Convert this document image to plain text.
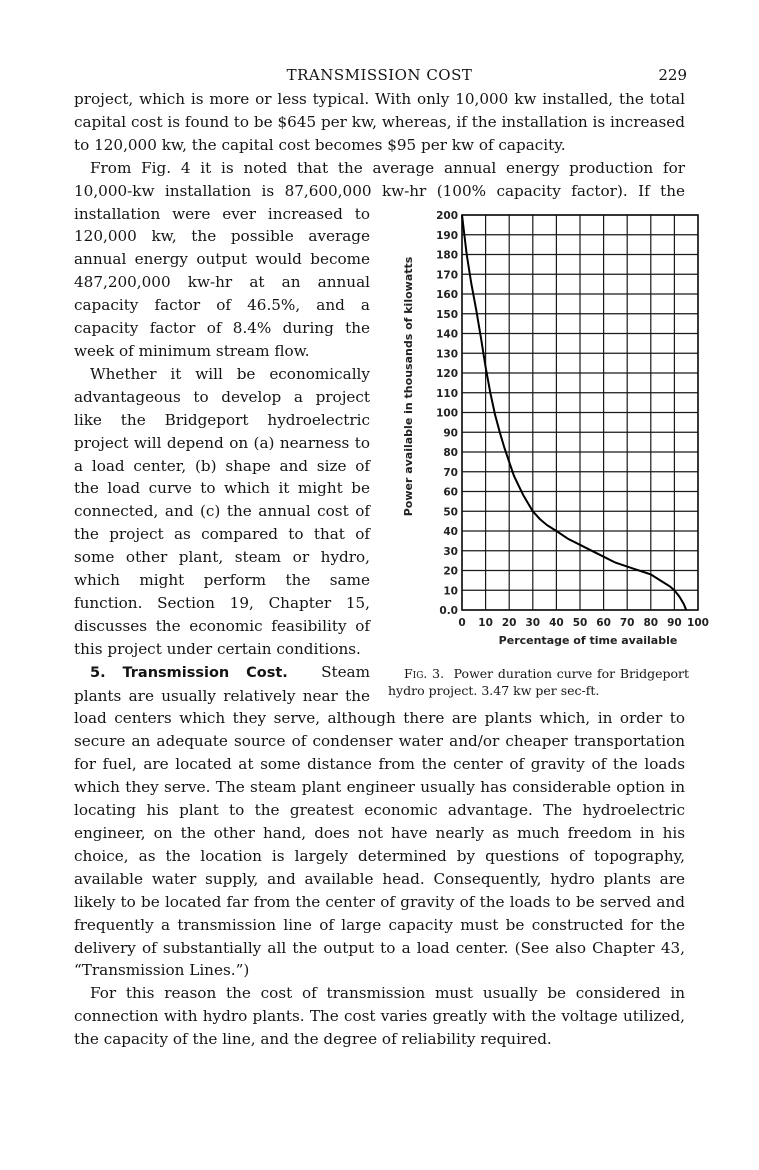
TRANSMISSION COST	229

project, which is more or less typical. With only 10,000 kw installed, the total capital cost is found to be $645 per kw, whereas, if the installation is increased to 120,000 kw, the capital cost becomes $95 per kw of capacity.

From Fig. 4 it is noted that the average annual energy production for 10,000-kw installation is 87,600,000 kw-hr (100% capacity factor). If the
0.0
10
20
30
40
50
60
70
80
90
100
110
120
130
140
150
160
170
180
190
200
0 10 20 30 40 50 60 70 80 90 100
Percentage of time available
Power available in thousands of kilowatts
Fig. 3. Power duration curve for Bridgeport hydro project. 3.47 kw per sec-ft.
installation were ever increased to 120,000 kw, the possible average annual energy output would become 487,200,000 kw-hr at an annual capacity factor of 46.5%, and a capacity factor of 8.4% during the week of minimum stream flow.

Whether it will be economically advantageous to develop a project like the Bridgeport hydroelectric project will depend on (a) nearness to a load center, (b) shape and size of the load curve to which it might be connected, and (c) the annual cost of the project as compared to that of some other plant, steam or hydro, which might perform the same function. Section 19, Chapter 15, discusses the economic feasibility of this project under certain conditions.

5. Transmission Cost. Steam plants are usually relatively near the load centers which they serve, although there are plants which, in order to secure an adequate source of condenser water and/or cheaper transportation for fuel, are located at some distance from the center of gravity of the loads which they serve. The steam plant engineer usually has considerable option in locating his plant to the greatest economic advantage. The hydroelectric engineer, on the other hand, does not have nearly as much freedom in his choice, as the location is largely determined by questions of topography, available water supply, and available head. Consequently, hydro plants are likely to be located far from the center of gravity of the loads to be served and frequently a transmission line of large capacity must be constructed for the delivery of substantially all the output to a load center. (See also Chapter 43, “Transmission Lines.”)

For this reason the cost of transmission must usually be considered in connection with hydro plants. The cost varies greatly with the voltage utilized, the capacity of the line, and the degree of reliability required.
